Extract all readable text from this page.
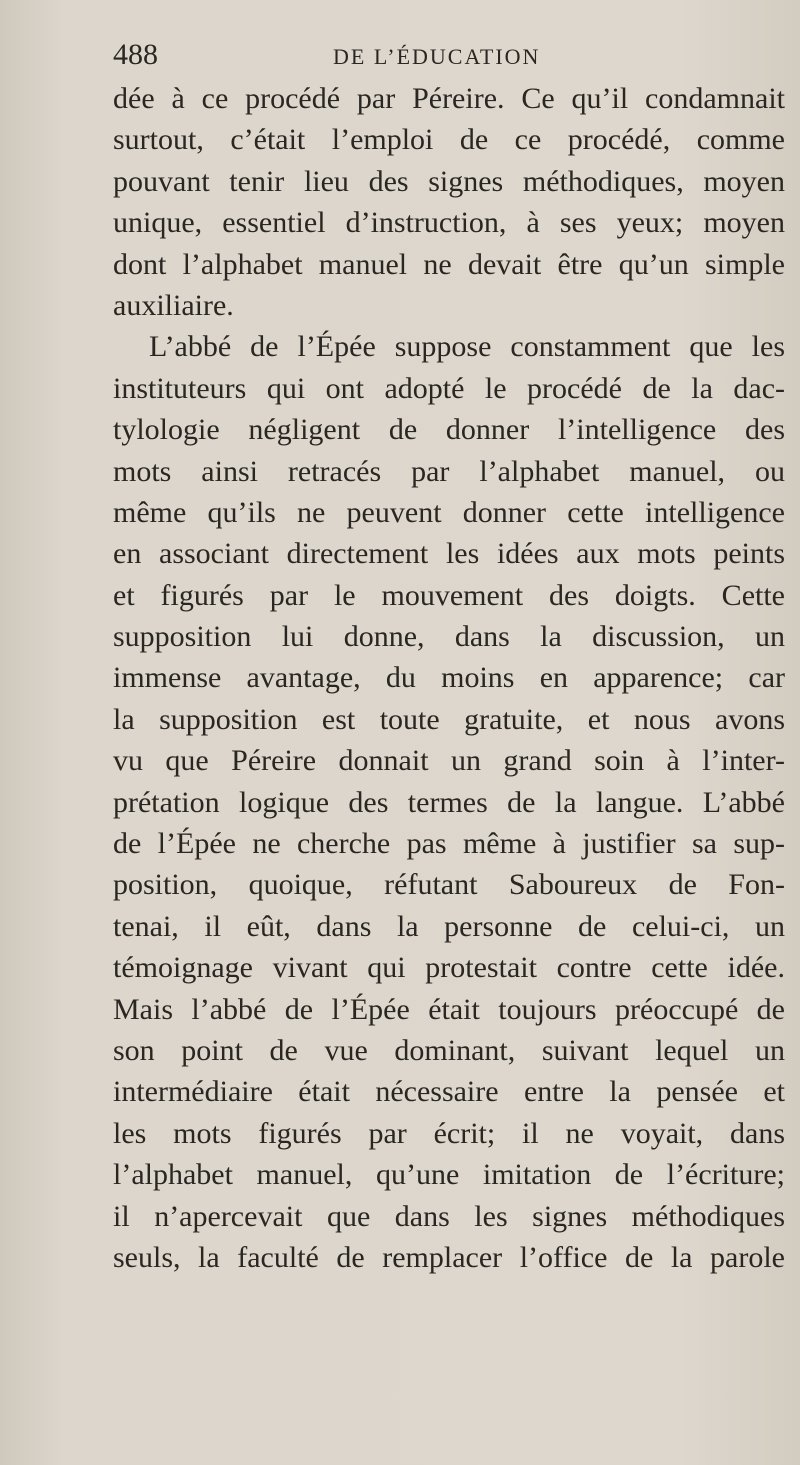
488	DE L’ÉDUCATION
dée à ce procédé par Péreire. Ce qu’il condamnait
surtout, c’était l’emploi de ce procédé, comme
pouvant tenir lieu des signes méthodiques, moyen
unique, essentiel d’instruction, à ses yeux; moyen
dont l’alphabet manuel ne devait être qu’un simple
auxiliaire.
L’abbé de l’Épée suppose constamment que les
instituteurs qui ont adopté le procédé de la dac-
tylologie négligent de donner l’intelligence des
mots ainsi retracés par l’alphabet manuel, ou
même qu’ils ne peuvent donner cette intelligence
en associant directement les idées aux mots peints
et figurés par le mouvement des doigts. Cette
supposition lui donne, dans la discussion, un
immense avantage, du moins en apparence; car
la supposition est toute gratuite, et nous avons
vu que Péreire donnait un grand soin à l’inter-
prétation logique des termes de la langue. L’abbé
de l’Épée ne cherche pas même à justifier sa sup-
position, quoique, réfutant Saboureux de Fon-
tenai, il eût, dans la personne de celui-ci, un
témoignage vivant qui protestait contre cette idée.
Mais l’abbé de l’Épée était toujours préoccupé de
son point de vue dominant, suivant lequel un
intermédiaire était nécessaire entre la pensée et
les mots figurés par écrit; il ne voyait, dans
l’alphabet manuel, qu’une imitation de l’écriture;
il n’apercevait que dans les signes méthodiques
seuls, la faculté de remplacer l’office de la parole
